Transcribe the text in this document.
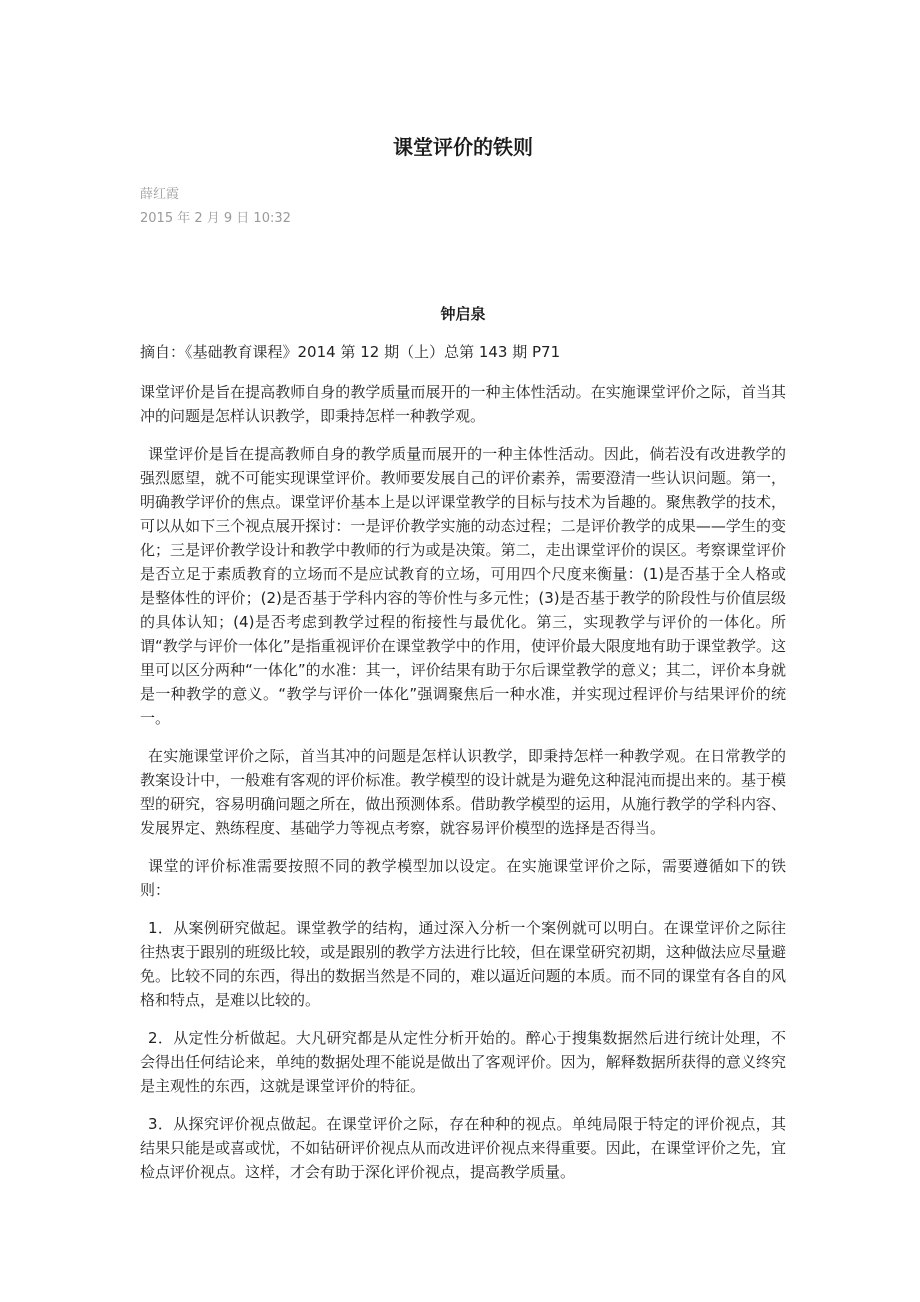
课堂评价的铁则
薛红霞
2015 年 2 月 9 日 10:32
钟启泉

摘自：《基础教育课程》2014 第 12 期（上）总第 143 期 P71

课堂评价是旨在提高教师自身的教学质量而展开的一种主体性活动。在实施课堂评价之际，首当其冲的问题是怎样认识教学，即秉持怎样一种教学观。

课堂评价是旨在提高教师自身的教学质量而展开的一种主体性活动。因此，倘若没有改进教学的强烈愿望，就不可能实现课堂评价。教师要发展自己的评价素养，需要澄清一些认识问题。第一，明确教学评价的焦点。课堂评价基本上是以评课堂教学的目标与技术为旨趣的。聚焦教学的技术，可以从如下三个视点展开探讨：一是评价教学实施的动态过程；二是评价教学的成果——学生的变化；三是评价教学设计和教学中教师的行为或是决策。第二，走出课堂评价的误区。考察课堂评价是否立足于素质教育的立场而不是应试教育的立场，可用四个尺度来衡量：(1)是否基于全人格或是整体性的评价；(2)是否基于学科内容的等价性与多元性；(3)是否基于教学的阶段性与价值层级的具体认知；(4)是否考虑到教学过程的衔接性与最优化。第三，实现教学与评价的一体化。所谓“教学与评价一体化”是指重视评价在课堂教学中的作用，使评价最大限度地有助于课堂教学。这里可以区分两种“一体化”的水准：其一，评价结果有助于尔后课堂教学的意义；其二，评价本身就是一种教学的意义。“教学与评价一体化”强调聚焦后一种水准，并实现过程评价与结果评价的统一。

在实施课堂评价之际，首当其冲的问题是怎样认识教学，即秉持怎样一种教学观。在日常教学的教案设计中，一般难有客观的评价标准。教学模型的设计就是为避免这种混沌而提出来的。基于模型的研究，容易明确问题之所在，做出预测体系。借助教学模型的运用，从施行教学的学科内容、发展界定、熟练程度、基础学力等视点考察，就容易评价模型的选择是否得当。

课堂的评价标准需要按照不同的教学模型加以设定。在实施课堂评价之际，需要遵循如下的铁则：

1．从案例研究做起。课堂教学的结构，通过深入分析一个案例就可以明白。在课堂评价之际往往热衷于跟别的班级比较，或是跟别的教学方法进行比较，但在课堂研究初期，这种做法应尽量避免。比较不同的东西，得出的数据当然是不同的，难以逼近问题的本质。而不同的课堂有各自的风格和特点，是难以比较的。

2．从定性分析做起。大凡研究都是从定性分析开始的。醉心于搜集数据然后进行统计处理，不会得出任何结论来，单纯的数据处理不能说是做出了客观评价。因为，解释数据所获得的意义终究是主观性的东西，这就是课堂评价的特征。

3．从探究评价视点做起。在课堂评价之际，存在种种的视点。单纯局限于特定的评价视点，其结果只能是或喜或忧，不如钻研评价视点从而改进评价视点来得重要。因此，在课堂评价之先，宜检点评价视点。这样，才会有助于深化评价视点，提高教学质量。
